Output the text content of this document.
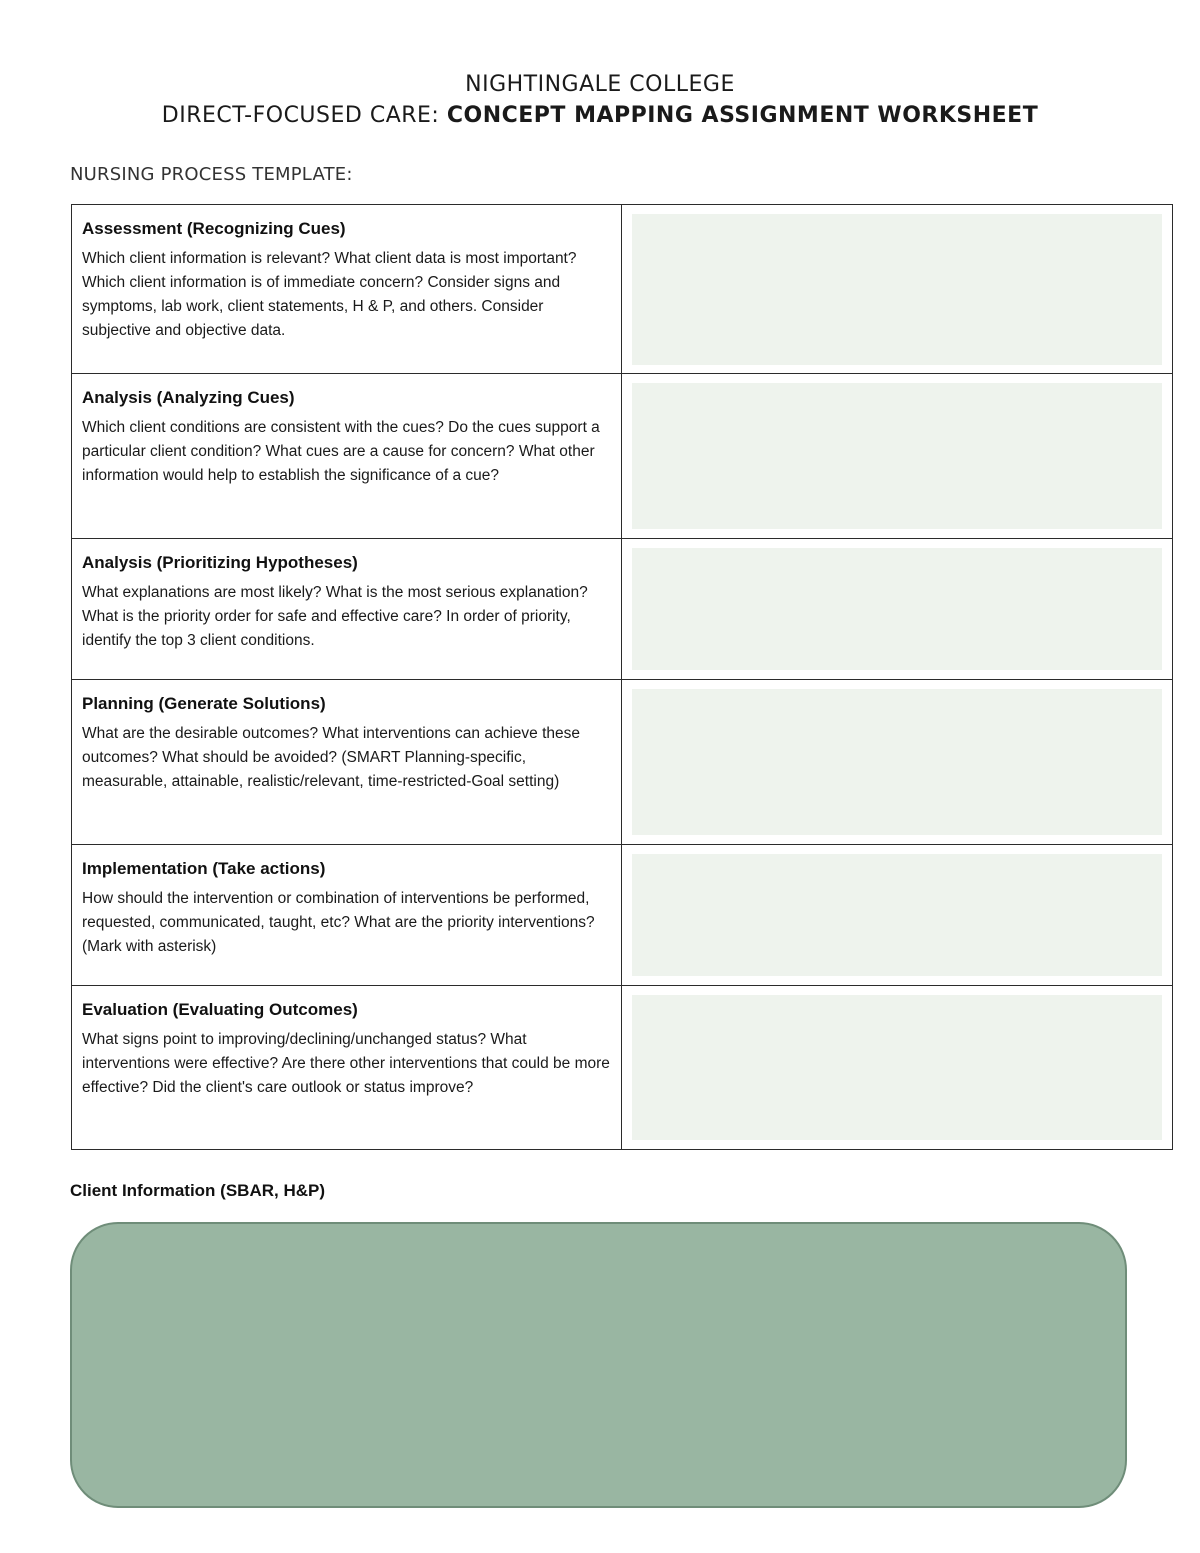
NIGHTINGALE COLLEGE
DIRECT-FOCUSED CARE: CONCEPT MAPPING ASSIGNMENT WORKSHEET
NURSING PROCESS TEMPLATE:
Assessment (Recognizing Cues)
Which client information is relevant? What client data is most important? Which client information is of immediate concern? Consider signs and symptoms, lab work, client statements, H & P, and others. Consider subjective and objective data.	

Analysis (Analyzing Cues)
Which client conditions are consistent with the cues? Do the cues support a particular client condition? What cues are a cause for concern? What other information would help to establish the significance of a cue?	

Analysis (Prioritizing Hypotheses)
What explanations are most likely? What is the most serious explanation? What is the priority order for safe and effective care? In order of priority, identify the top 3 client conditions.	

Planning (Generate Solutions)
What are the desirable outcomes? What interventions can achieve these outcomes? What should be avoided? (SMART Planning-specific, measurable, attainable, realistic/relevant, time-restricted-Goal setting)	

Implementation (Take actions)
How should the intervention or combination of interventions be performed, requested, communicated, taught, etc? What are the priority interventions? (Mark with asterisk)	

Evaluation (Evaluating Outcomes)
What signs point to improving/declining/unchanged status? What interventions were effective? Are there other interventions that could be more effective? Did the client's care outlook or status improve?	

Client Information (SBAR, H&P)
